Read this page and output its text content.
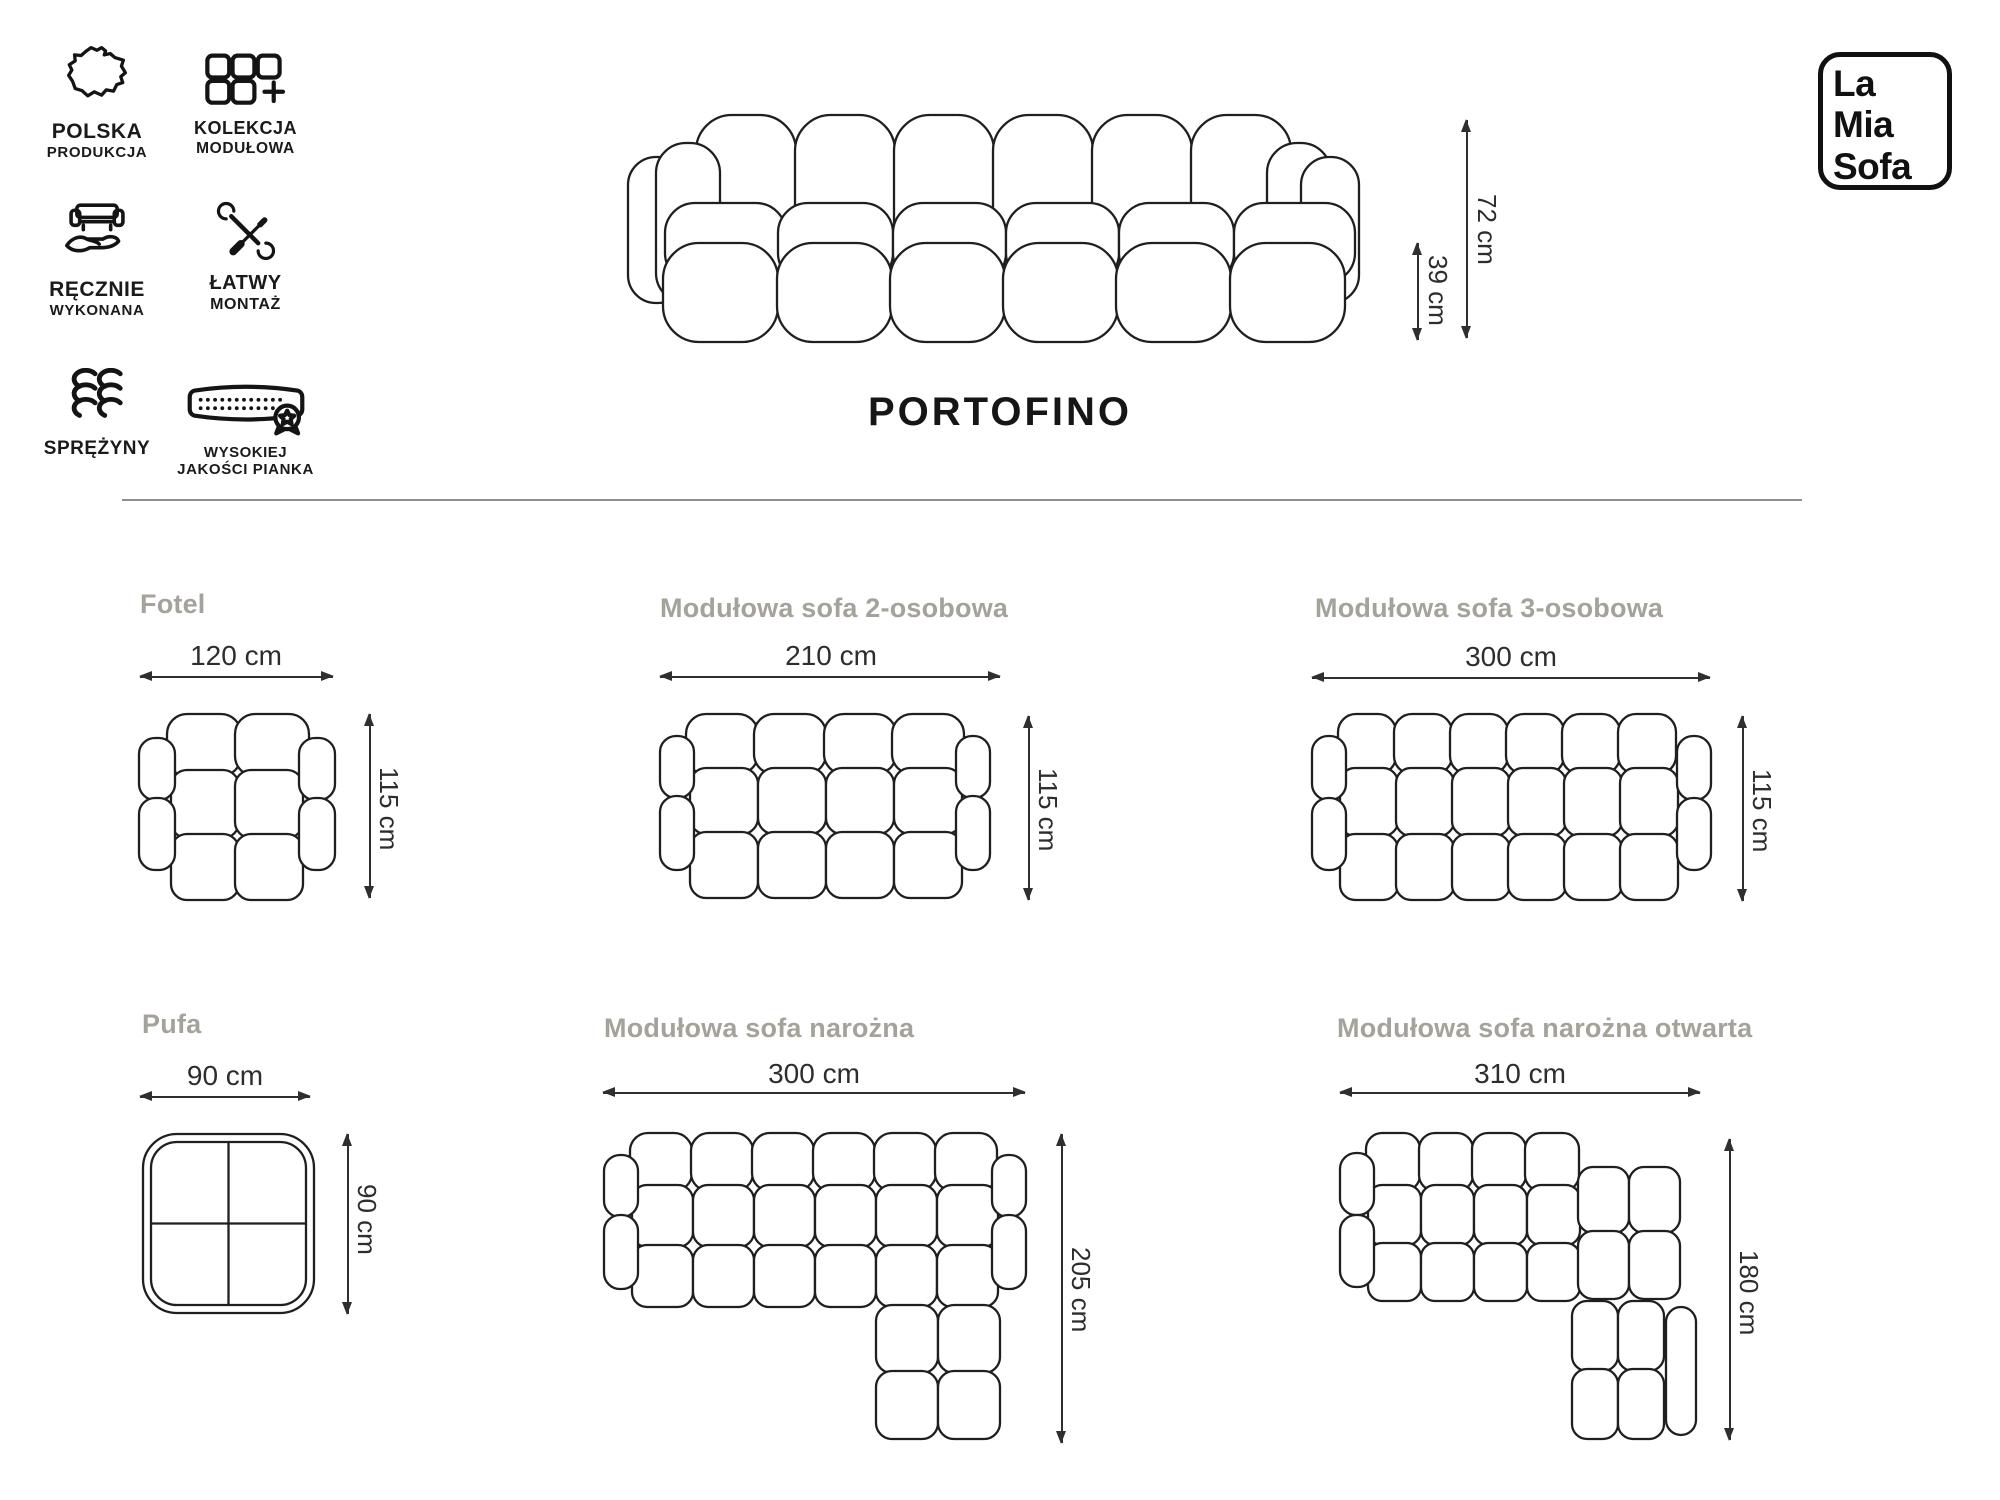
POLSKA
PRODUKCJA
KOLEKCJA
MODUŁOWA
RĘCZNIE
WYKONANA
ŁATWY
MONTAŻ
SPRĘŻYNY	WYSOKIEJ
JAKOŚCI PIANKA
La
Mia
Sofa
72 cm
39 cm
PORTOFINO
Fotel
120 cm
115 cm
Modułowa sofa 2-osobowa
210 cm
115 cm
Modułowa sofa 3-osobowa
300 cm
115 cm
Pufa
90 cm
90 cm
Modułowa sofa narożna
300 cm
205 cm
Modułowa sofa narożna otwarta
310 cm
180 cm
